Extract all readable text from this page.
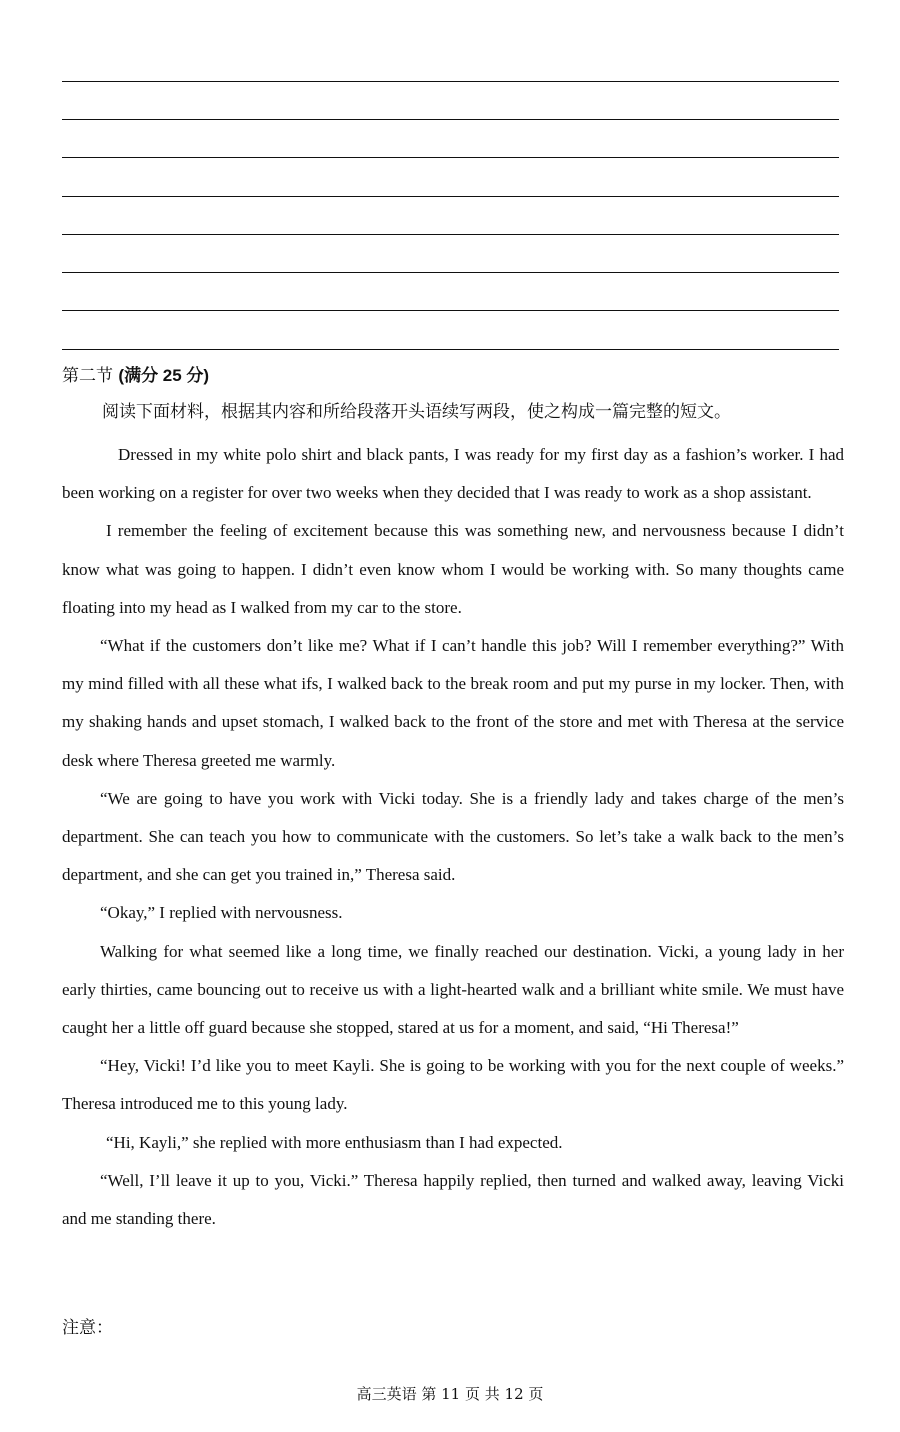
第二节 (满分 25 分)
阅读下面材料，根据其内容和所给段落开头语续写两段，使之构成一篇完整的短文。

Dressed in my white polo shirt and black pants, I was ready for my first day as a fashion’s worker. I had been working on a register for over two weeks when they decided that I was ready to work as a shop assistant.

I remember the feeling of excitement because this was something new, and nervousness because I didn’t know what was going to happen. I didn’t even know whom I would be working with. So many thoughts came floating into my head as I walked from my car to the store.

“What if the customers don’t like me? What if I can’t handle this job? Will I remember everything?” With my mind filled with all these what ifs, I walked back to the break room and put my purse in my locker. Then, with my shaking hands and upset stomach, I walked back to the front of the store and met with Theresa at the service desk where Theresa greeted me warmly.

“We are going to have you work with Vicki today. She is a friendly lady and takes charge of the men’s department. She can teach you how to communicate with the customers. So let’s take a walk back to the men’s department, and she can get you trained in,” Theresa said.

“Okay,” I replied with nervousness.

Walking for what seemed like a long time, we finally reached our destination. Vicki, a young lady in her early thirties, came bouncing out to receive us with a light-hearted walk and a brilliant white smile. We must have caught her a little off guard because she stopped, stared at us for a moment, and said, “Hi Theresa!”

“Hey, Vicki! I’d like you to meet Kayli. She is going to be working with you for the next couple of weeks.” Theresa introduced me to this young lady.

“Hi, Kayli,” she replied with more enthusiasm than I had expected.

“Well, I’ll leave it up to you, Vicki.” Theresa happily replied, then turned and walked away, leaving Vicki and me standing there.

注意：
高三英语 第 11 页 共 12 页
